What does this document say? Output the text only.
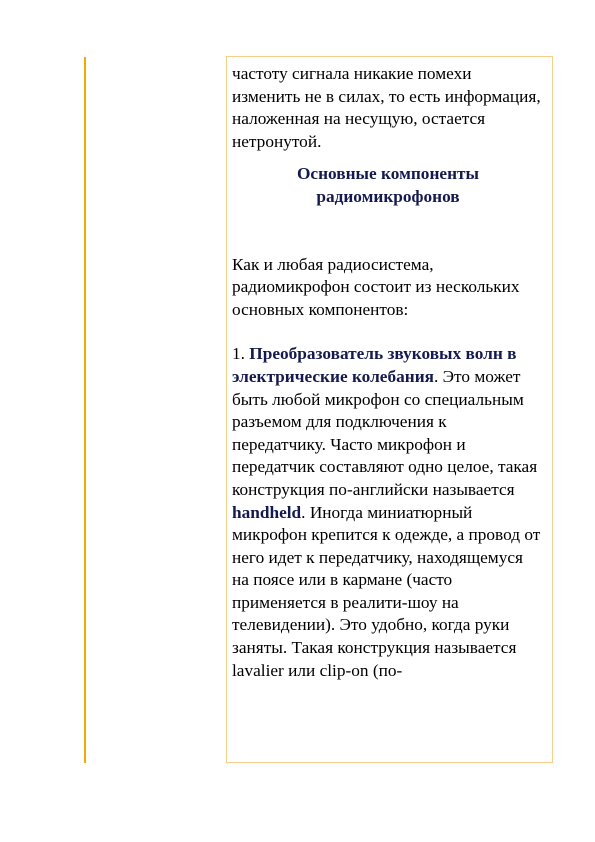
частоту сигнала никакие помехи изменить не в силах, то есть информация, наложенная на несущую, остается нетронутой.

Основные компоненты
радиомикрофонов

Как и любая радиосистема, радиомикрофон состоит из нескольких основных компонентов:

1. Преобразователь звуковых волн в электрические колебания. Это может быть любой микрофон со специальным разъемом для подключения к передатчику. Часто микрофон и передатчик составляют одно целое, такая конструкция по-английски называется handheld. Иногда миниатюрный микрофон крепится к одежде, а провод от него идет к передатчику, находящемуся на поясе или в кармане (часто применяется в реалити-шоу на телевидении). Это удобно, когда руки заняты. Такая конструкция называется lavalier или clip-on (по-
